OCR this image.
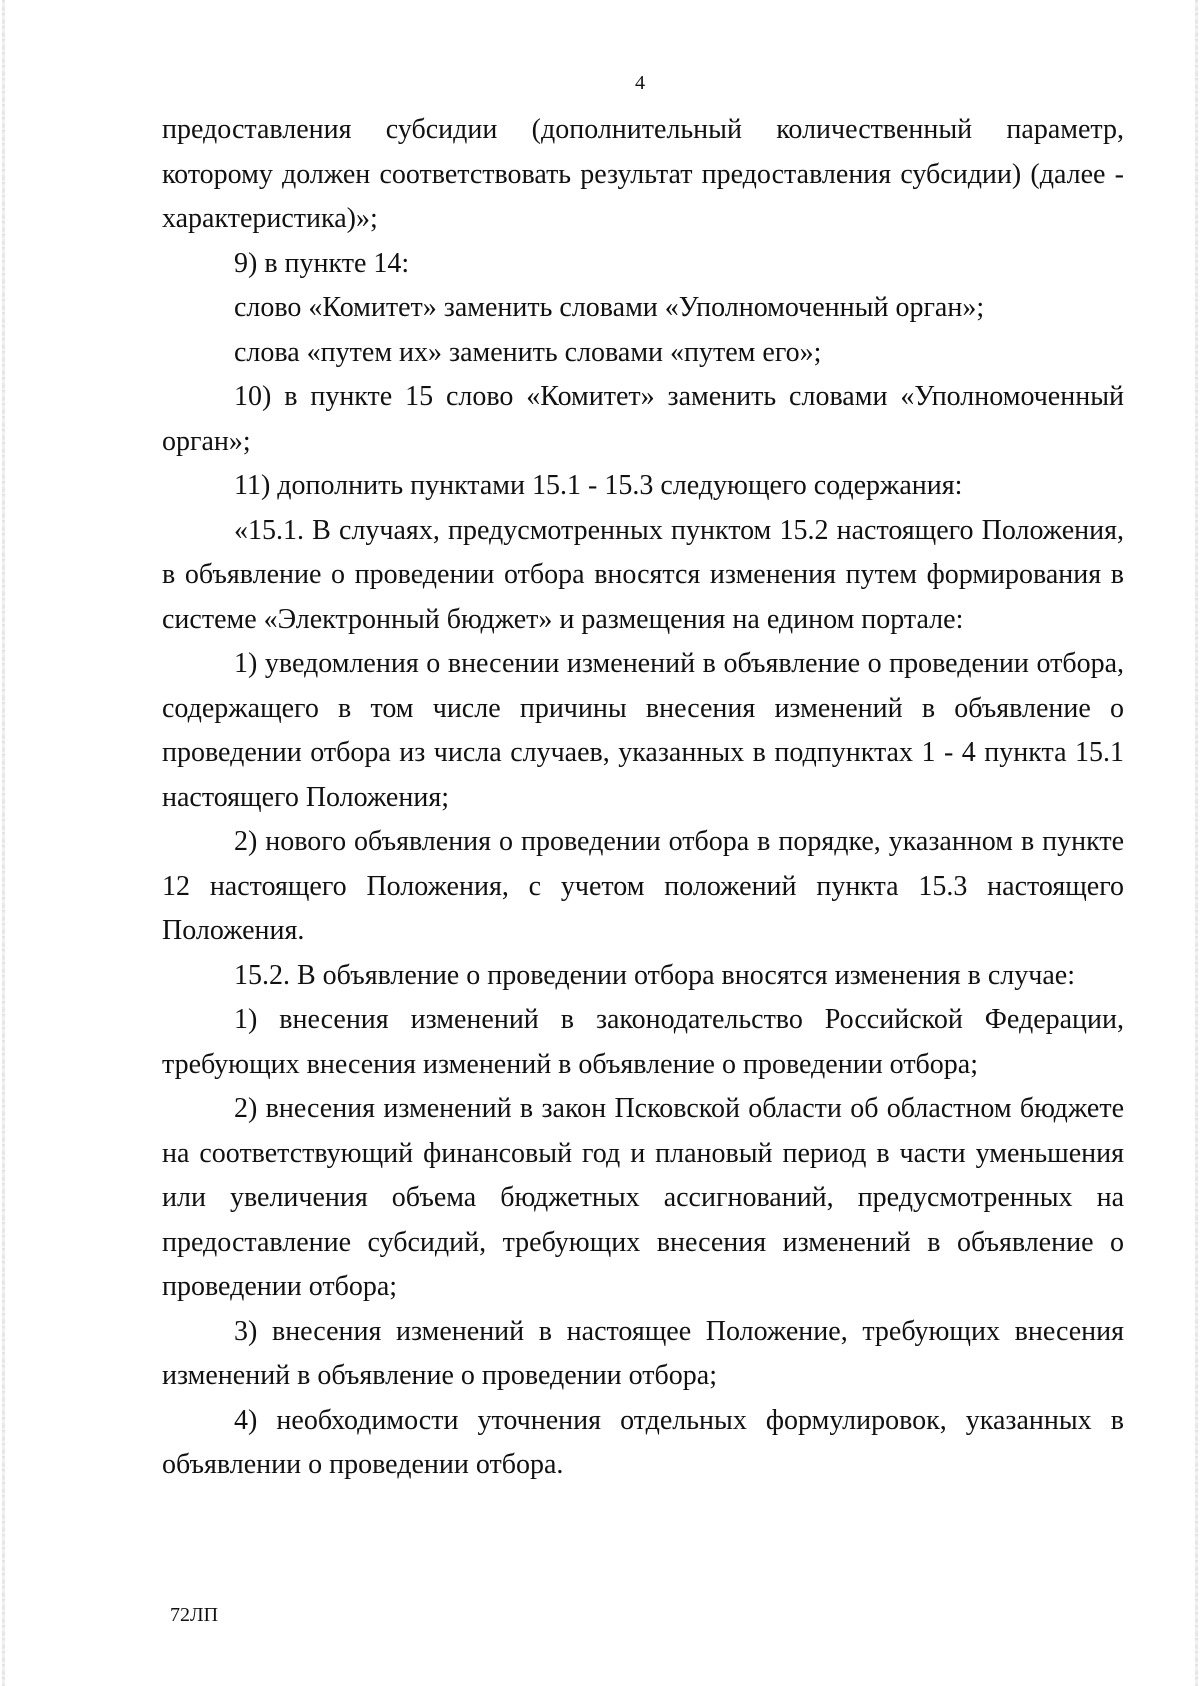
4

предоставления субсидии (дополнительный количественный параметр, которому должен соответствовать результат предоставления субсидии) (далее - характеристика)»;

9) в пункте 14:

слово «Комитет» заменить словами «Уполномоченный орган»;

слова «путем их» заменить словами «путем его»;

10) в пункте 15 слово «Комитет» заменить словами «Уполномоченный орган»;

11) дополнить пунктами 15.1 - 15.3 следующего содержания:

«15.1. В случаях, предусмотренных пунктом 15.2 настоящего Положения, в объявление о проведении отбора вносятся изменения путем формирования в системе «Электронный бюджет» и размещения на едином портале:

1) уведомления о внесении изменений в объявление о проведении отбора, содержащего в том числе причины внесения изменений в объявление о проведении отбора из числа случаев, указанных в подпунктах 1 - 4 пункта 15.1 настоящего Положения;

2) нового объявления о проведении отбора в порядке, указанном в пункте 12 настоящего Положения, с учетом положений пункта 15.3 настоящего Положения.

15.2. В объявление о проведении отбора вносятся изменения в случае:

1) внесения изменений в законодательство Российской Федерации, требующих внесения изменений в объявление о проведении отбора;

2) внесения изменений в закон Псковской области об областном бюджете на соответствующий финансовый год и плановый период в части уменьшения или увеличения объема бюджетных ассигнований, предусмотренных на предоставление субсидий, требующих внесения изменений в объявление о проведении отбора;

3) внесения изменений в настоящее Положение, требующих внесения изменений в объявление о проведении отбора;

4) необходимости уточнения отдельных формулировок, указанных в объявлении о проведении отбора.

72ЛП
